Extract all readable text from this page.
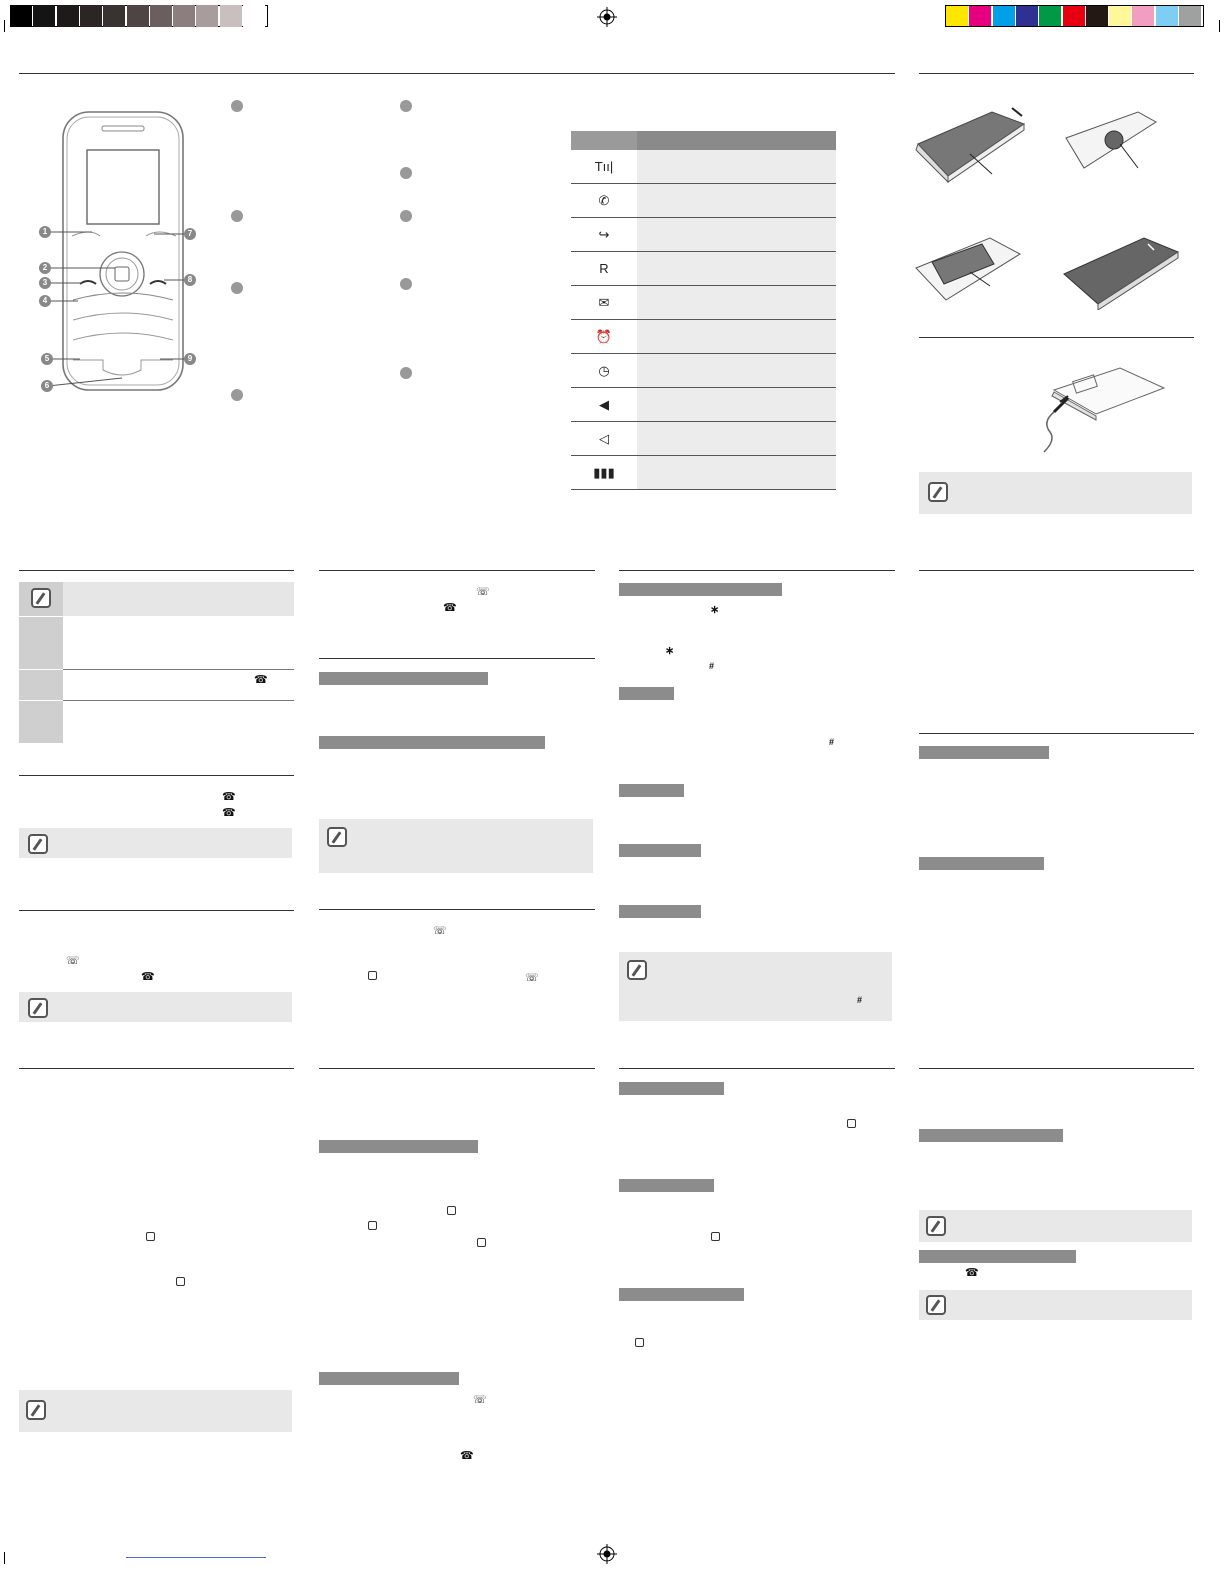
1
2
3
4
5
6
7
8
9

Tıı|	
✆	
↪	
R	
✉	
⏰	
◷	
◀	
◁	
▮▮▮	
☎
☎
☎
☏
☎
☏
☎
☏
☏
☏
☎
∗
∗
#
#
#
☎
